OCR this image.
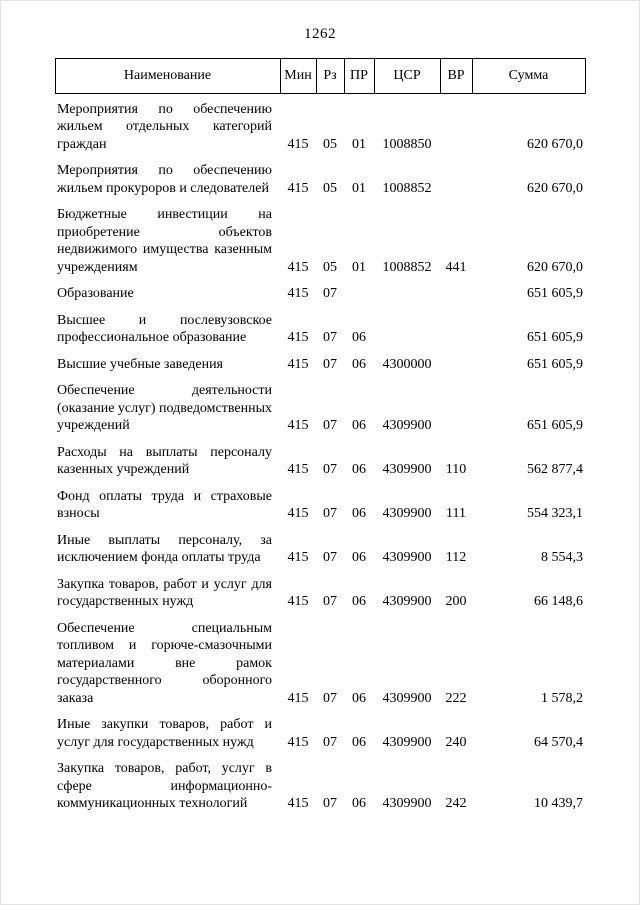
1262
Наименование	Мин	Рз	ПР	ЦСР	ВР	Сумма
Мероприятия по обеспечению жильем отдельных категорий граждан	415	05	01	1008850		620 670,0
Мероприятия по обеспечению жильем прокуроров и следователей	415	05	01	1008852		620 670,0
Бюджетные инвестиции на приобретение объектов недвижимого имущества казенным учреждениям	415	05	01	1008852	441	620 670,0
Образование	415	07				651 605,9
Высшее и послевузовское профессиональное образование	415	07	06			651 605,9
Высшие учебные заведения	415	07	06	4300000		651 605,9
Обеспечение деятельности (оказание услуг) подведомственных учреждений	415	07	06	4309900		651 605,9
Расходы на выплаты персоналу казенных учреждений	415	07	06	4309900	110	562 877,4
Фонд оплаты труда и страховые взносы	415	07	06	4309900	111	554 323,1
Иные выплаты персоналу, за исключением фонда оплаты труда	415	07	06	4309900	112	8 554,3
Закупка товаров, работ и услуг для государственных нужд	415	07	06	4309900	200	66 148,6
Обеспечение специальным топливом и горюче-смазочными материалами вне рамок государственного оборонного заказа	415	07	06	4309900	222	1 578,2
Иные закупки товаров, работ и услуг для государственных нужд	415	07	06	4309900	240	64 570,4
Закупка товаров, работ, услуг в сфере информационно-коммуникационных технологий	415	07	06	4309900	242	10 439,7
